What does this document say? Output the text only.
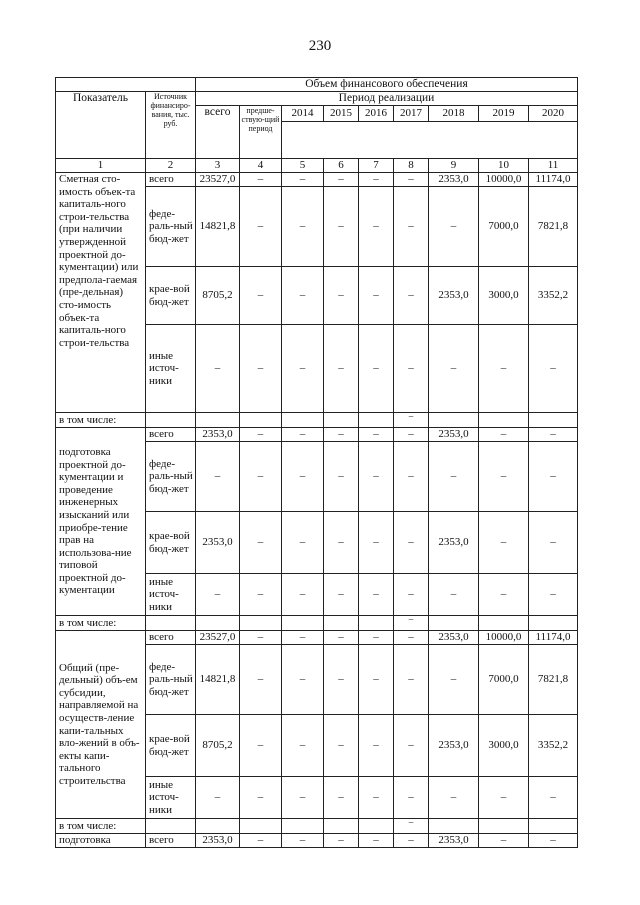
230
		Объем финансового обеспечения								
Показатель	Источник финансиро-вания, тыс. руб.	Период реализации								
		всего	предше-ствую-щий период	2014	2015	2016	2017	2018	2019	2020

1	2	3	4	5	6	7	8	9	10	11
Сметная сто-имость объек-та капиталь-ного строи-тельства (при наличии утвержденной проектной до-кументации) или предполa-гаемая (пре-дельная) сто-имость объек-та капиталь-ного строи-тельства	всего	23527,0	–	–	–	–	–	2353,0	10000,0	11174,0
	феде-раль-ный бюд-жет	14821,8	–	–	–	–	–	–	7000,0	7821,8
	крае-вой бюд-жет	8705,2	–	–	–	–	–	2353,0	3000,0	3352,2
	иные источ-ники	–	–	–	–	–	–	–	–	–
в том числе:							–			
подготовка проектной до-кументации и проведение инженерных изысканий или приобре-тение прав на использова-ние типовой проектной до-кументации	всего	2353,0	–	–	–	–	–	2353,0	–	–
	феде-раль-ный бюд-жет	–	–	–	–	–	–	–	–	–
	крае-вой бюд-жет	2353,0	–	–	–	–	–	2353,0	–	–
	иные источ-ники	–	–	–	–	–	–	–	–	–
в том числе:							–			
Общий (пре-дельный) объ-ем субсидии, направляемой на осуществ-ление капи-тальных вло-жений в объ-екты капи-тального строительства	всего	23527,0	–	–	–	–	–	2353,0	10000,0	11174,0
	феде-раль-ный бюд-жет	14821,8	–	–	–	–	–	–	7000,0	7821,8
	крае-вой бюд-жет	8705,2	–	–	–	–	–	2353,0	3000,0	3352,2
	иные источ-ники	–	–	–	–	–	–	–	–	–
в том числе:							–			
подготовка	всего	2353,0	–	–	–	–	–	2353,0	–	–
